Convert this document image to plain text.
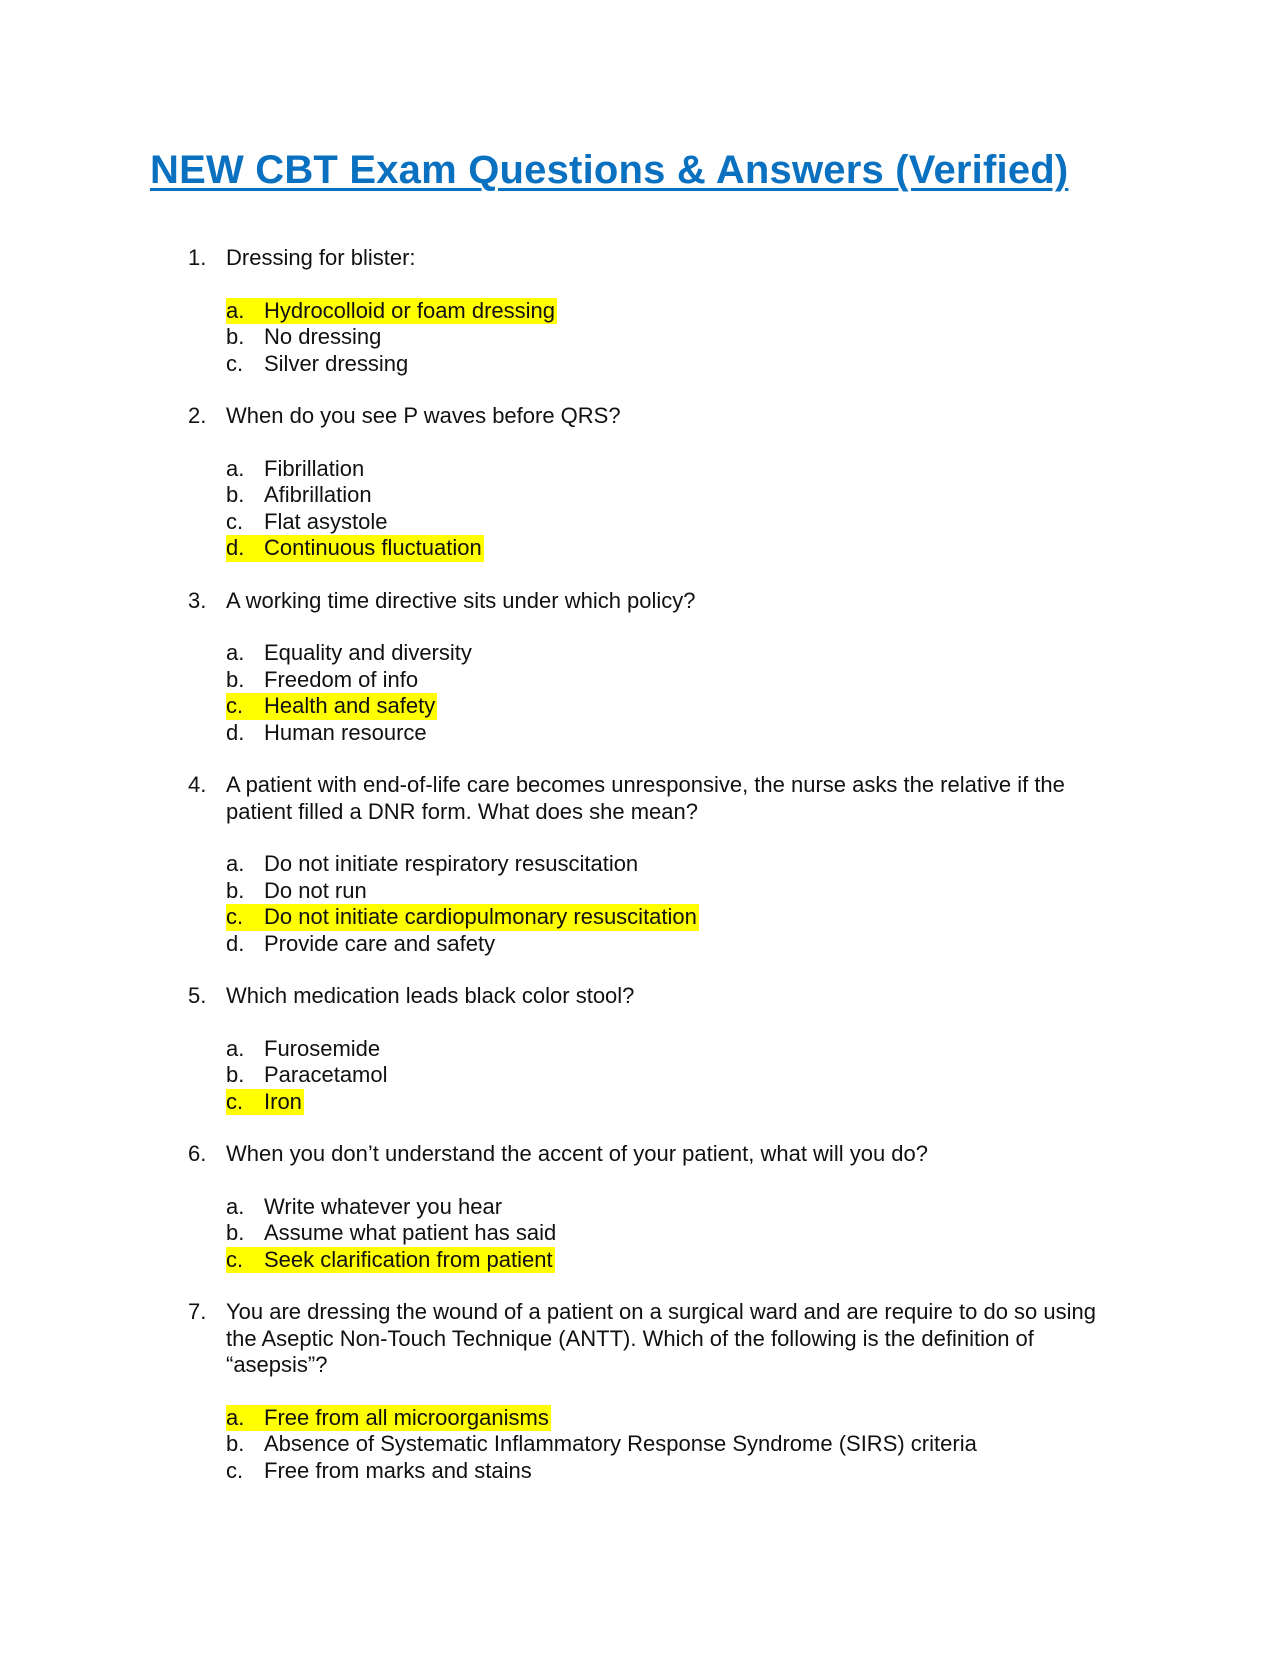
NEW CBT Exam Questions & Answers (Verified)
1. Dressing for blister:
a. Hydrocolloid or foam dressing
b. No dressing
c. Silver dressing
2. When do you see P waves before QRS?
a. Fibrillation
b. Afibrillation
c. Flat asystole
d. Continuous fluctuation
3. A working time directive sits under which policy?
a. Equality and diversity
b. Freedom of info
c. Health and safety
d. Human resource
4. A patient with end-of-life care becomes unresponsive, the nurse asks the relative if the patient filled a DNR form. What does she mean?
a. Do not initiate respiratory resuscitation
b. Do not run
c. Do not initiate cardiopulmonary resuscitation
d. Provide care and safety
5. Which medication leads black color stool?
a. Furosemide
b. Paracetamol
c. Iron
6. When you don’t understand the accent of your patient, what will you do?
a. Write whatever you hear
b. Assume what patient has said
c. Seek clarification from patient
7. You are dressing the wound of a patient on a surgical ward and are require to do so using the Aseptic Non-Touch Technique (ANTT). Which of the following is the definition of “asepsis”?
a. Free from all microorganisms
b. Absence of Systematic Inflammatory Response Syndrome (SIRS) criteria
c. Free from marks and stains
